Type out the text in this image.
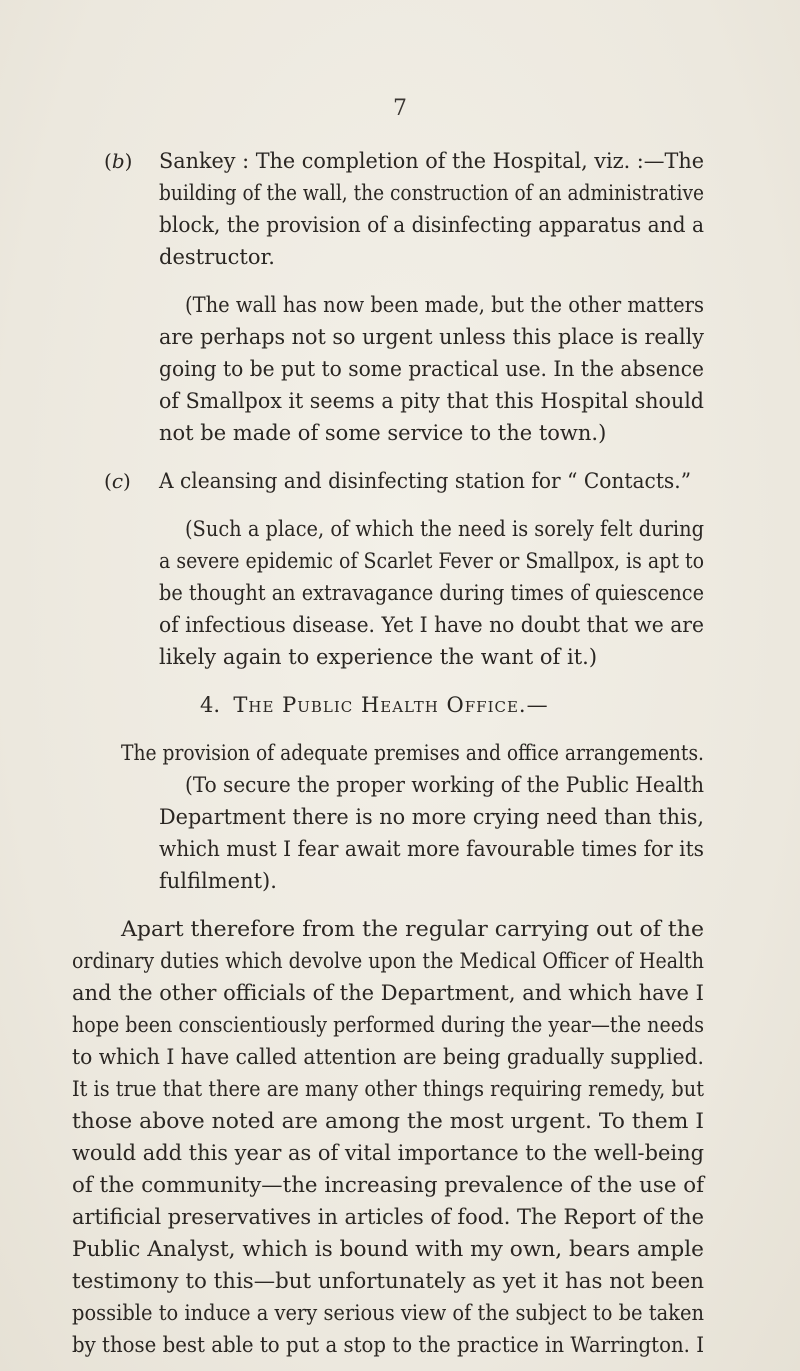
7
(b) Sankey : The completion of the Hospital, viz. :—The
building of the wall, the construction of an administrative
block, the provision of a disinfecting apparatus and a
destructor.
(The wall has now been made, but the other matters
are perhaps not so urgent unless this place is really
going to be put to some practical use. In the absence
of Smallpox it seems a pity that this Hospital should
not be made of some service to the town.)
(c) A cleansing and disinfecting station for “ Contacts.”
(Such a place, of which the need is sorely felt during
a severe epidemic of Scarlet Fever or Smallpox, is apt to
be thought an extravagance during times of quiescence
of infectious disease. Yet I have no doubt that we are
likely again to experience the want of it.)
4. The Public Health Office.—
The provision of adequate premises and office arrangements.
(To secure the proper working of the Public Health
Department there is no more crying need than this,
which must I fear await more favourable times for its
fulfilment).
Apart therefore from the regular carrying out of the
ordinary duties which devolve upon the Medical Officer of Health
and the other officials of the Department, and which have I
hope been conscientiously performed during the year—the needs
to which I have called attention are being gradually supplied.
It is true that there are many other things requiring remedy, but
those above noted are among the most urgent. To them I
would add this year as of vital importance to the well-being
of the community—the increasing prevalence of the use of
artificial preservatives in articles of food. The Report of the
Public Analyst, which is bound with my own, bears ample
testimony to this—but unfortunately as yet it has not been
possible to induce a very serious view of the subject to be taken
by those best able to put a stop to the practice in Warrington. I
